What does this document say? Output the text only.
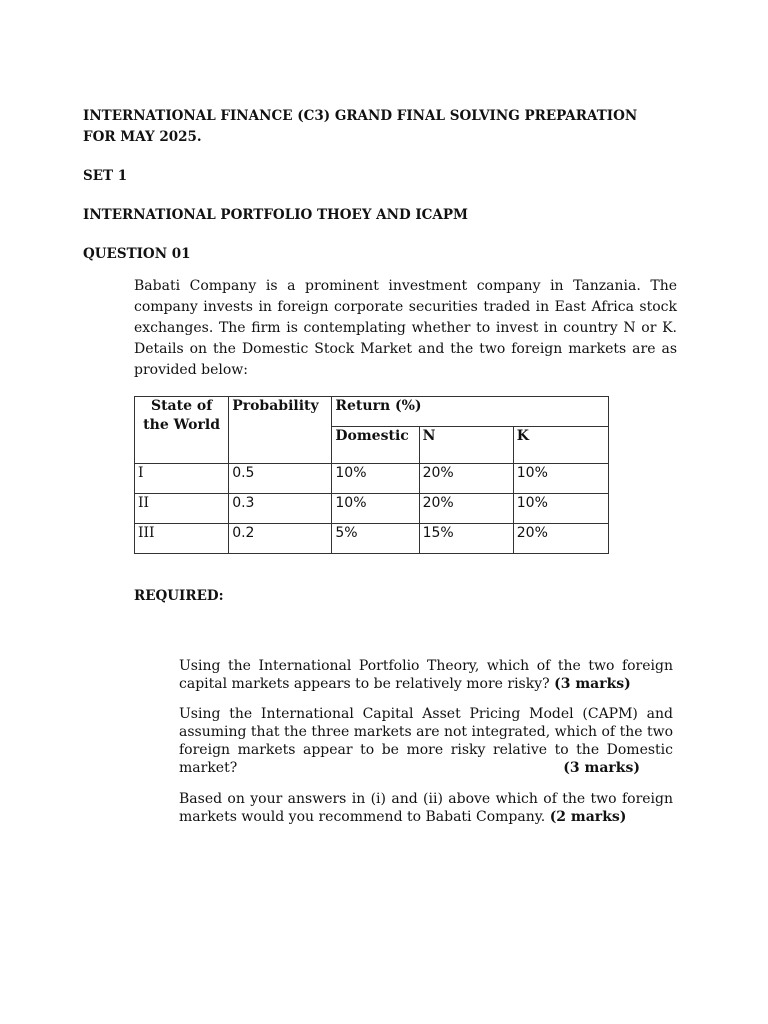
INTERNATIONAL FINANCE (C3) GRAND FINAL SOLVING PREPARATION FOR MAY 2025.

SET 1

INTERNATIONAL PORTFOLIO THOEY AND ICAPM

QUESTION 01

Babati Company is a prominent investment company in Tanzania. The company invests in foreign corporate securities traded in East Africa stock exchanges. The firm is contemplating whether to invest in country N or K. Details on the Domestic Stock Market and the two foreign markets are as provided below:

State of the World	Probability	Return (%)		
		Domestic	N	K
I	0.5	10%	20%	10%
II	0.3	10%	20%	10%
III	0.2	5%	15%	20%

REQUIRED:

Using the International Portfolio Theory, which of the two foreign capital markets appears to be relatively more risky? (3 marks)

Using the International Capital Asset Pricing Model (CAPM) and assuming that the three markets are not integrated, which of the two foreign markets appear to be more risky relative to the Domestic market?	(3 marks)

Based on your answers in (i) and (ii) above which of the two foreign markets would you recommend to Babati Company. (2 marks)
